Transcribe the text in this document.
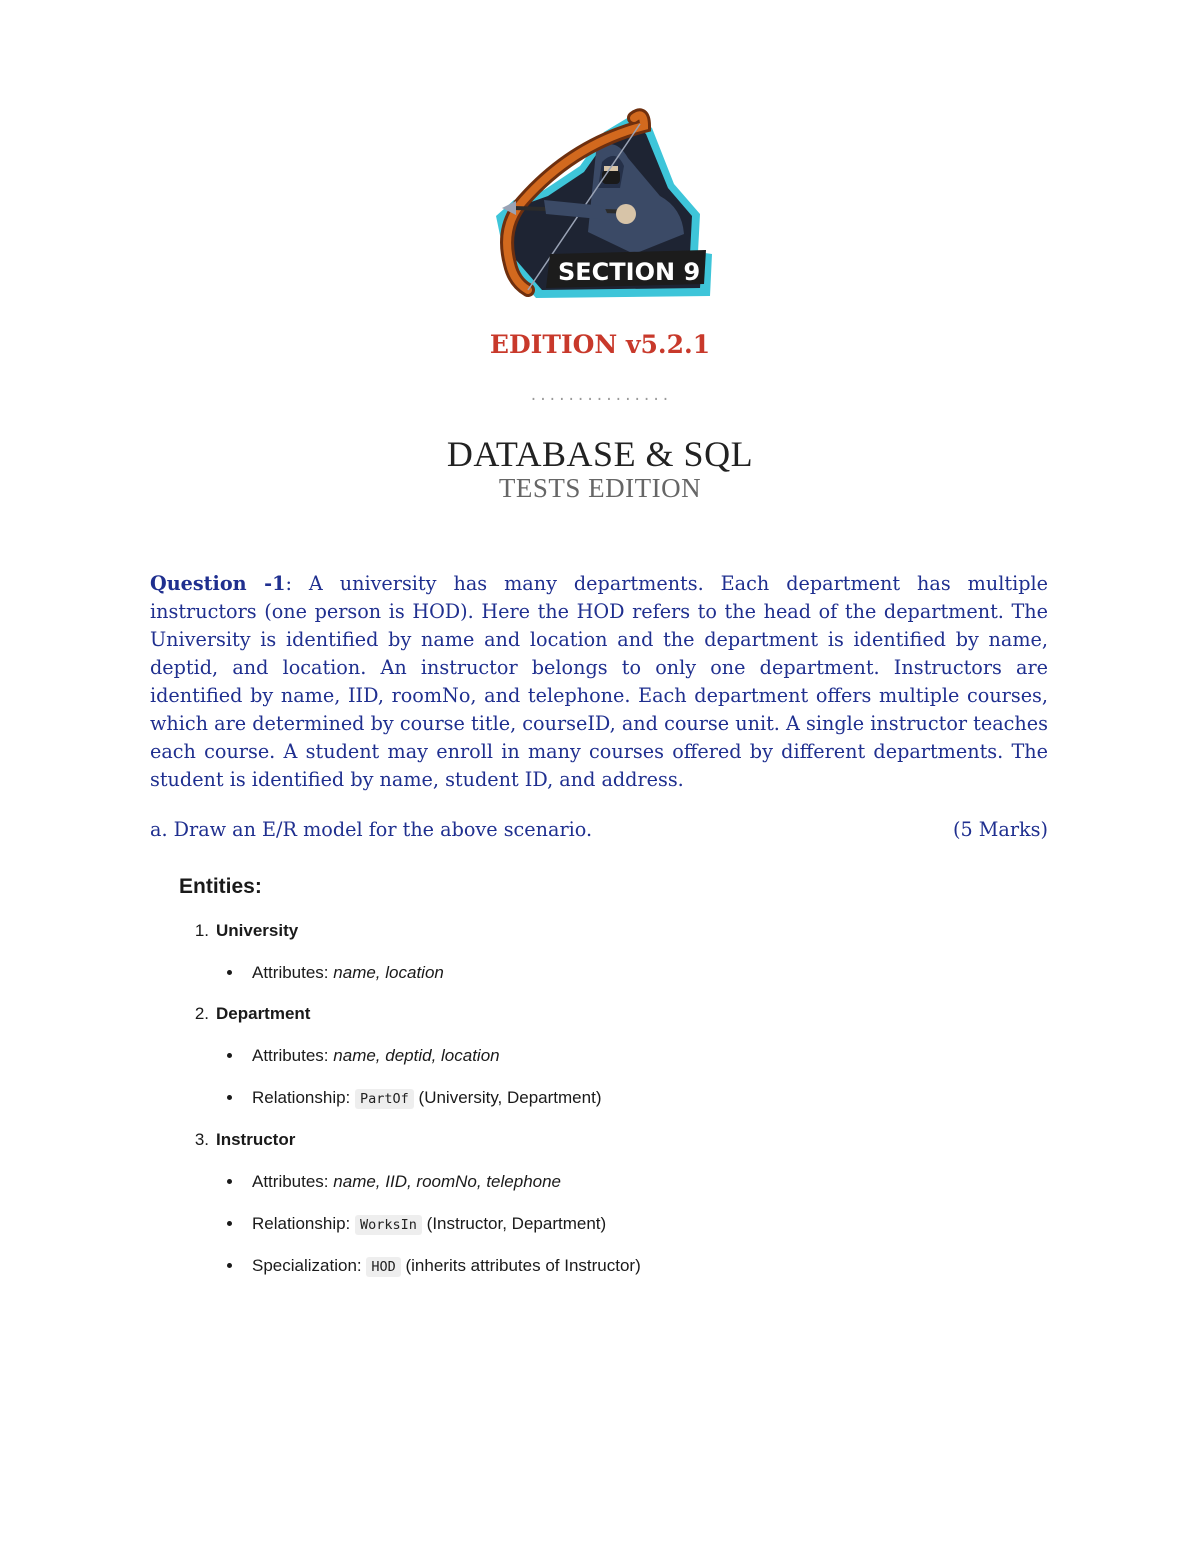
SECTION 9
EDITION v5.2.1
...............
DATABASE & SQL
TESTS EDITION
Question -1: A university has many departments. Each department has multiple instructors (one person is HOD). Here the HOD refers to the head of the department. The University is identified by name and location and the department is identified by name, deptid, and location. An instructor belongs to only one department. Instructors are identified by name, IID, roomNo, and telephone. Each department offers multiple courses, which are determined by course title, courseID, and course unit. A single instructor teaches each course. A student may enroll in many courses offered by different departments. The student is identified by name, student ID, and address.
a. Draw an E/R model for the above scenario.	(5 Marks)
Entities:
1. University
Attributes: name, location
2. Department
Attributes: name, deptid, location
Relationship: PartOf (University, Department)
3. Instructor
Attributes: name, IID, roomNo, telephone
Relationship: WorksIn (Instructor, Department)
Specialization: HOD (inherits attributes of Instructor)
